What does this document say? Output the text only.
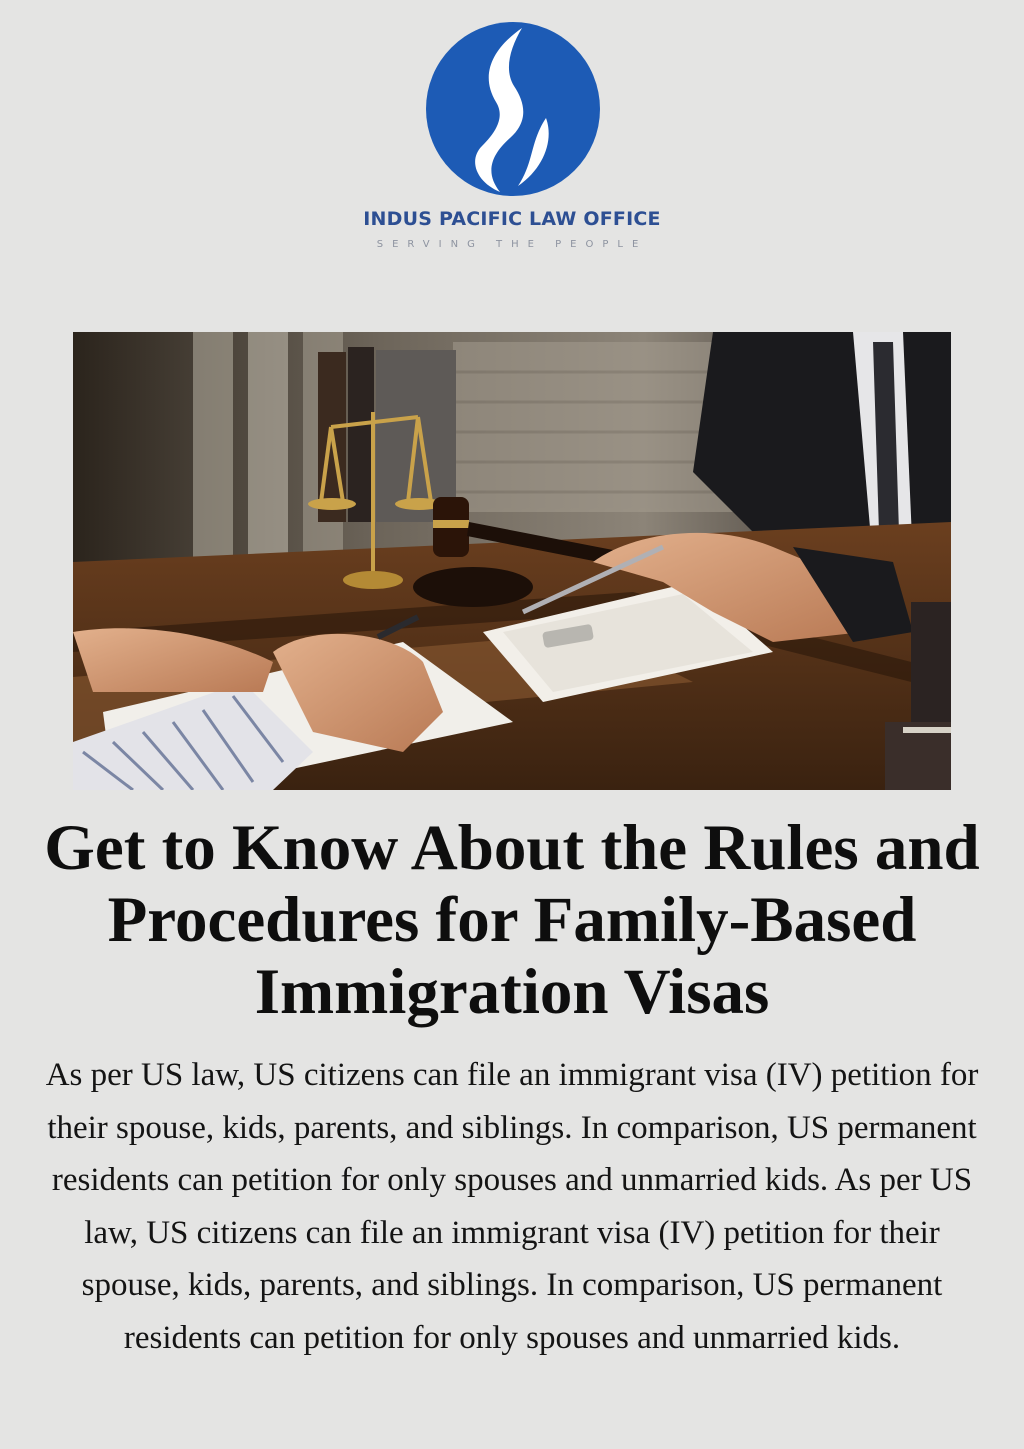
INDUS PACIFIC LAW OFFICE
SERVING THE PEOPLE
Get to Know About the Rules and Procedures for Family-Based Immigration Visas

As per US law, US citizens can file an immigrant visa (IV) petition for their spouse, kids, parents, and siblings. In comparison, US permanent residents can petition for only spouses and unmarried kids. As per US law, US citizens can file an immigrant visa (IV) petition for their spouse, kids, parents, and siblings. In comparison, US permanent residents can petition for only spouses and unmarried kids.
